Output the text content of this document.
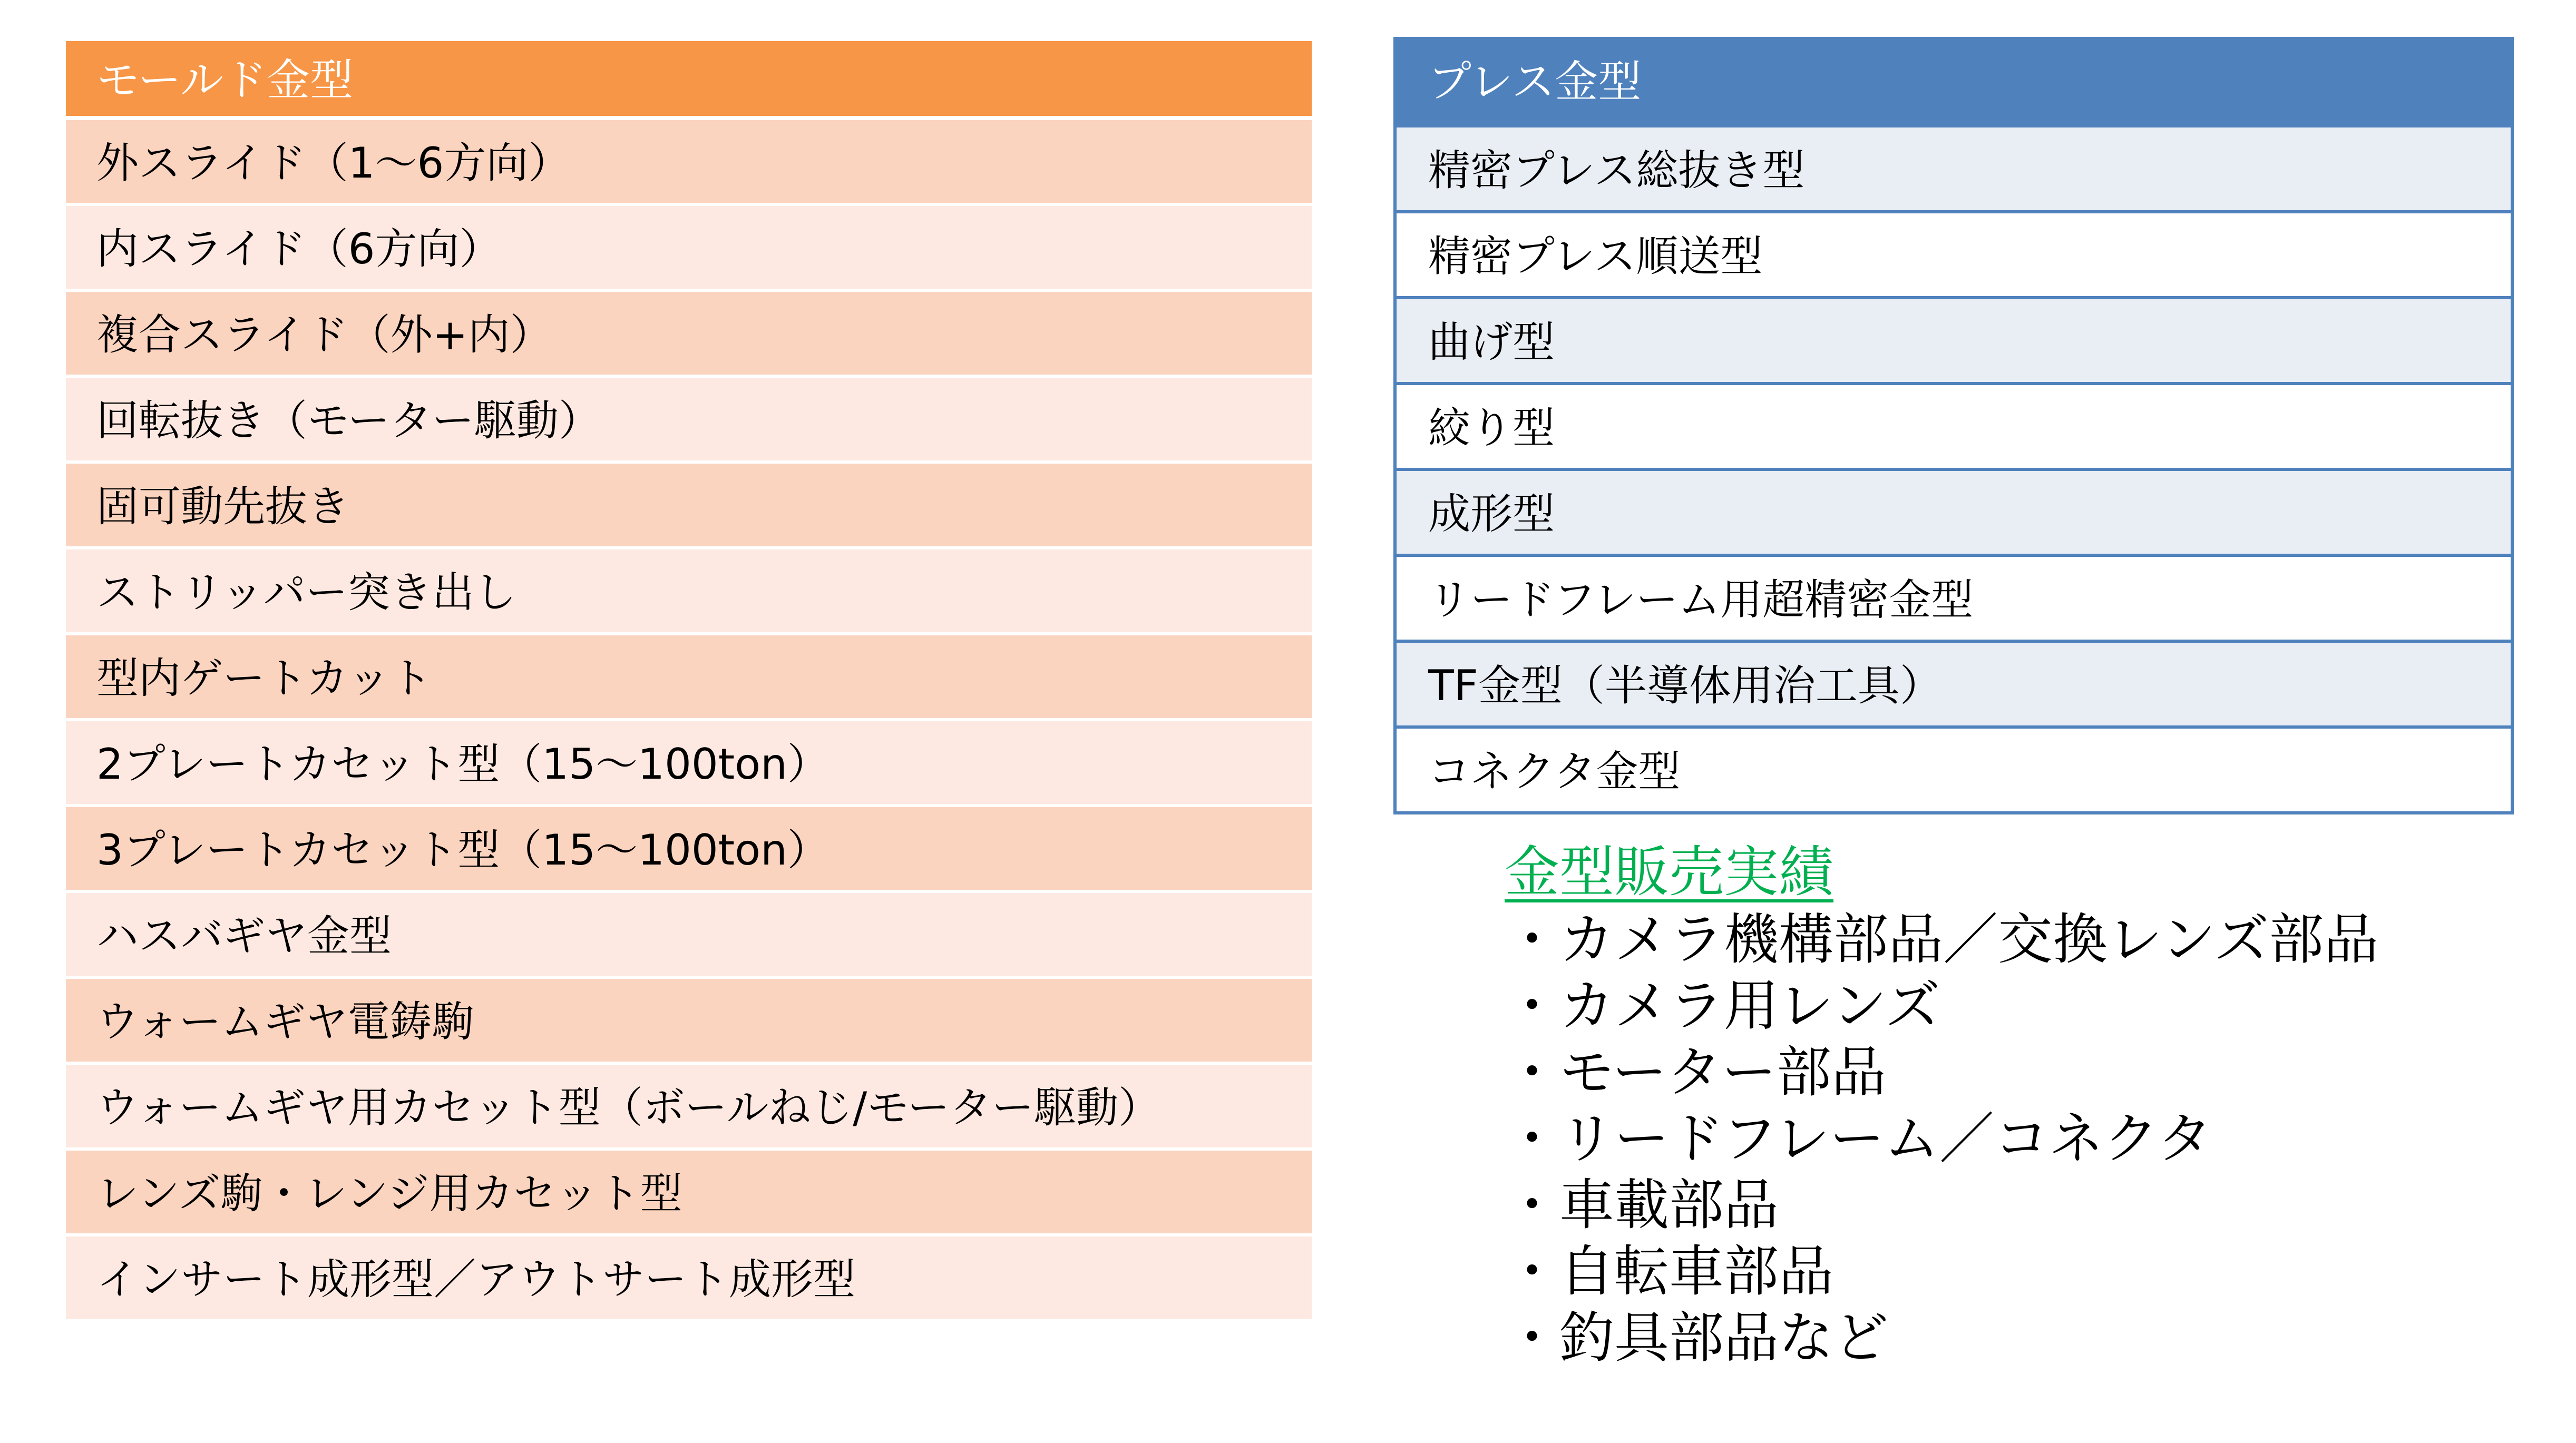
モールド金型
外スライド（1～6方向）
内スライド（6方向）
複合スライド（外+内）
回転抜き（モーター駆動）
固可動先抜き
ストリッパー突き出し
型内ゲートカット
2プレートカセット型（15～100ton）
3プレートカセット型（15～100ton）
ハスバギヤ金型
ウォームギヤ電鋳駒
ウォームギヤ用カセット型（ボールねじ/モーター駆動）
レンズ駒・レンジ用カセット型
インサート成形型／アウトサート成形型
プレス金型
精密プレス総抜き型
精密プレス順送型
曲げ型
絞り型
成形型
リードフレーム用超精密金型
TF金型（半導体用治工具）
コネクタ金型
金型販売実績
・カメラ機構部品／交換レンズ部品
・カメラ用レンズ
・モーター部品
・リードフレーム／コネクタ
・車載部品
・自転車部品
・釣具部品など
